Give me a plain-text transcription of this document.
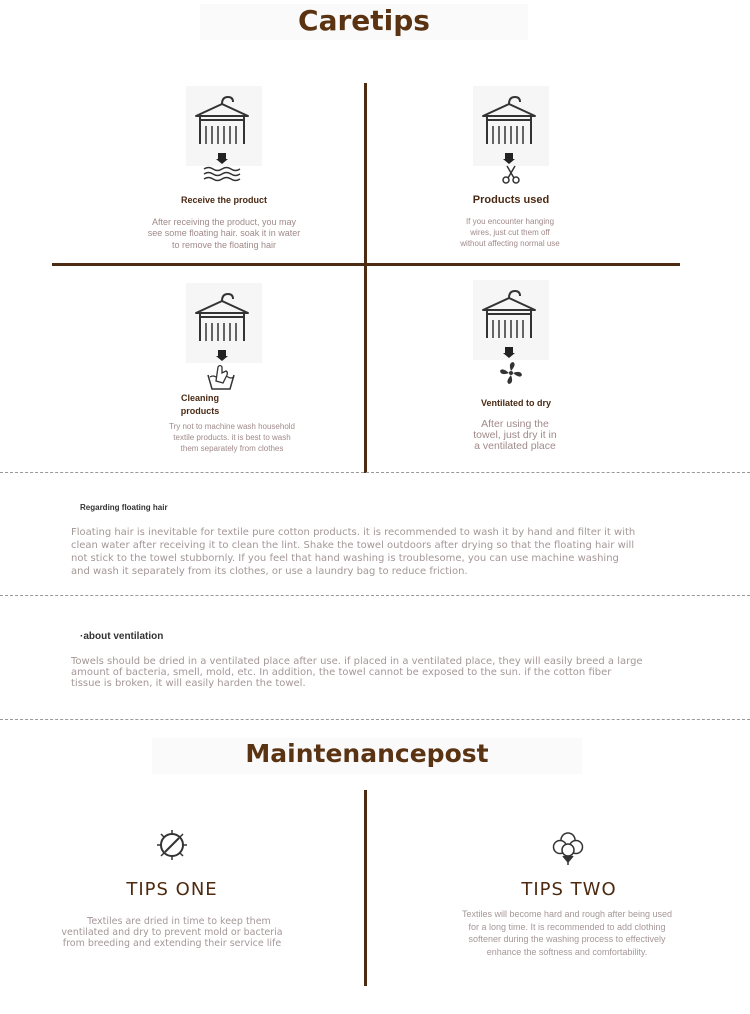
Caretips
Receive the product
After receiving the product, you may
see some floating hair. soak it in water
to remove the floating hair
Products used
If you encounter hanging
wires, just cut them off
without affecting normal use
Cleaning
products
Try not to machine wash household
textile products. it is best to wash
them separately from clothes
Ventilated to dry
After using the
towel, just dry it in
a ventilated place
Regarding floating hair
Floating hair is inevitable for textile pure cotton products. it is recommended to wash it by hand and filter it with
clean water after receiving it to clean the lint. Shake the towel outdoors after drying so that the floating hair will
not stick to the towel stubbornly. If you feel that hand washing is troublesome, you can use machine washing
and wash it separately from its clothes, or use a laundry bag to reduce friction.
·about ventilation
Towels should be dried in a ventilated place after use. if placed in a ventilated place, they will easily breed a large
amount of bacteria, smell, mold, etc. In addition, the towel cannot be exposed to the sun. if the cotton fiber
tissue is broken, it will easily harden the towel.
Maintenancepost
TIPS ONE
Textiles are dried in time to keep them
ventilated and dry to prevent mold or bacteria
from breeding and extending their service life
TIPS TWO
Textiles will become hard and rough after being used
for a long time. It is recommended to add clothing
softener during the washing process to effectively
enhance the softness and comfortability.
